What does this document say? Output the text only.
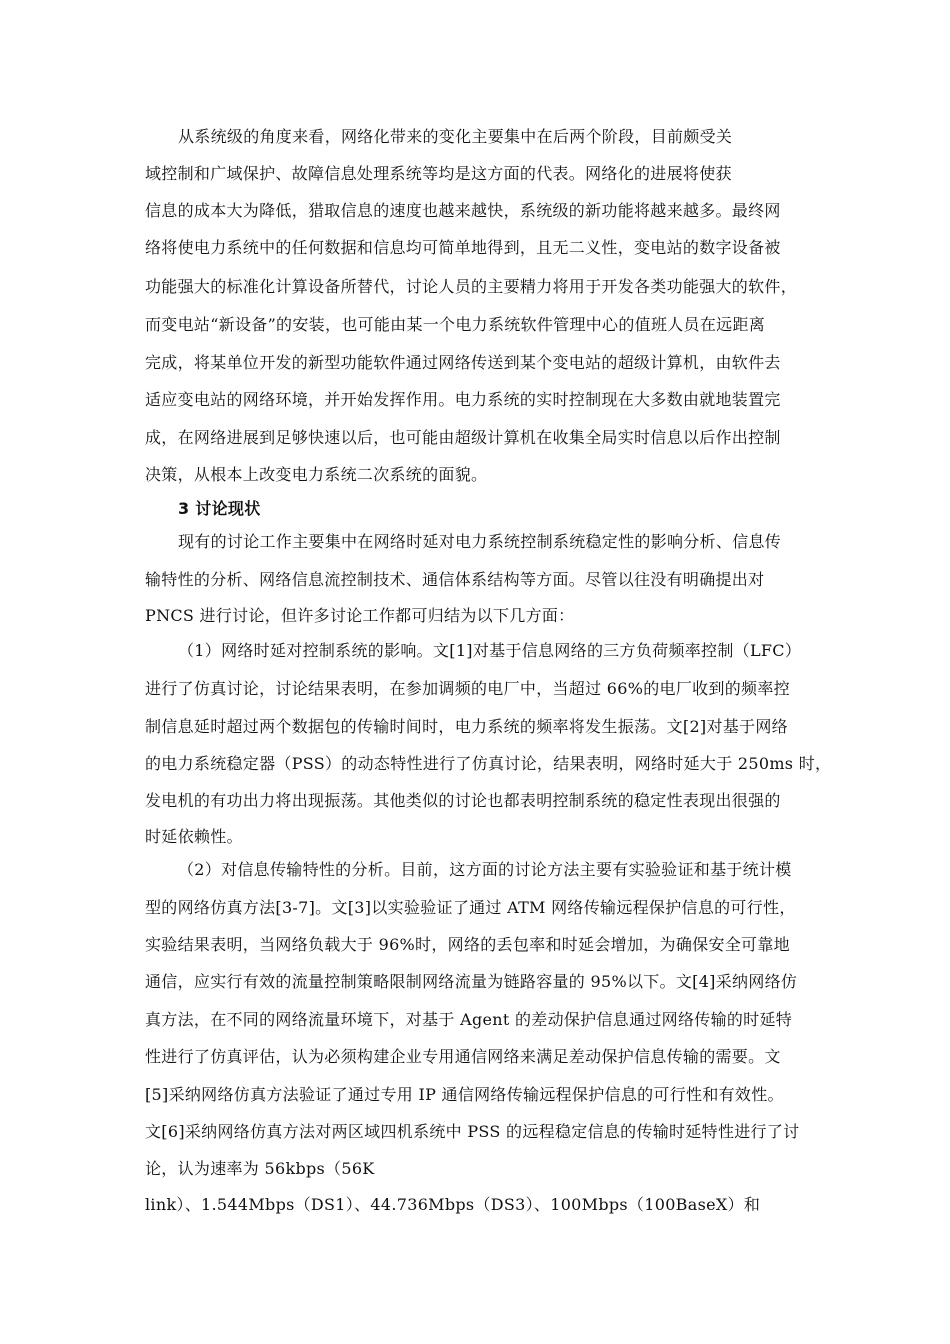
从系统级的角度来看，网络化带来的变化主要集中在后两个阶段，目前颇受关
域控制和广域保护、故障信息处理系统等均是这方面的代表。网络化的进展将使获
信息的成本大为降低，猎取信息的速度也越来越快，系统级的新功能将越来越多。最终网
络将使电力系统中的任何数据和信息均可简单地得到，且无二义性，变电站的数字设备被
功能强大的标准化计算设备所替代，讨论人员的主要精力将用于开发各类功能强大的软件，
而变电站“新设备”的安装，也可能由某一个电力系统软件管理中心的值班人员在远距离
完成，将某单位开发的新型功能软件通过网络传送到某个变电站的超级计算机，由软件去
适应变电站的网络环境，并开始发挥作用。电力系统的实时控制现在大多数由就地装置完
成，在网络进展到足够快速以后，也可能由超级计算机在收集全局实时信息以后作出控制
决策，从根本上改变电力系统二次系统的面貌。
3 讨论现状
现有的讨论工作主要集中在网络时延对电力系统控制系统稳定性的影响分析、信息传
输特性的分析、网络信息流控制技术、通信体系结构等方面。尽管以往没有明确提出对
PNCS 进行讨论，但许多讨论工作都可归结为以下几方面：
（1）网络时延对控制系统的影响。文[1]对基于信息网络的三方负荷频率控制（LFC）
进行了仿真讨论，讨论结果表明，在参加调频的电厂中，当超过 66%的电厂收到的频率控
制信息延时超过两个数据包的传输时间时，电力系统的频率将发生振荡。文[2]对基于网络
的电力系统稳定器（PSS）的动态特性进行了仿真讨论，结果表明，网络时延大于 250ms 时，
发电机的有功出力将出现振荡。其他类似的讨论也都表明控制系统的稳定性表现出很强的
时延依赖性。
（2）对信息传输特性的分析。目前，这方面的讨论方法主要有实验验证和基于统计模
型的网络仿真方法[3-7]。文[3]以实验验证了通过 ATM 网络传输远程保护信息的可行性，
实验结果表明，当网络负载大于 96%时，网络的丢包率和时延会增加，为确保安全可靠地
通信，应实行有效的流量控制策略限制网络流量为链路容量的 95%以下。文[4]采纳网络仿
真方法，在不同的网络流量环境下，对基于 Agent 的差动保护信息通过网络传输的时延特
性进行了仿真评估，认为必须构建企业专用通信网络来满足差动保护信息传输的需要。文
[5]采纳网络仿真方法验证了通过专用 IP 通信网络传输远程保护信息的可行性和有效性。
文[6]采纳网络仿真方法对两区域四机系统中 PSS 的远程稳定信息的传输时延特性进行了讨
论，认为速率为 56kbps（56K
link）、1.544Mbps（DS1）、44.736Mbps（DS3）、100Mbps（100BaseX）和
